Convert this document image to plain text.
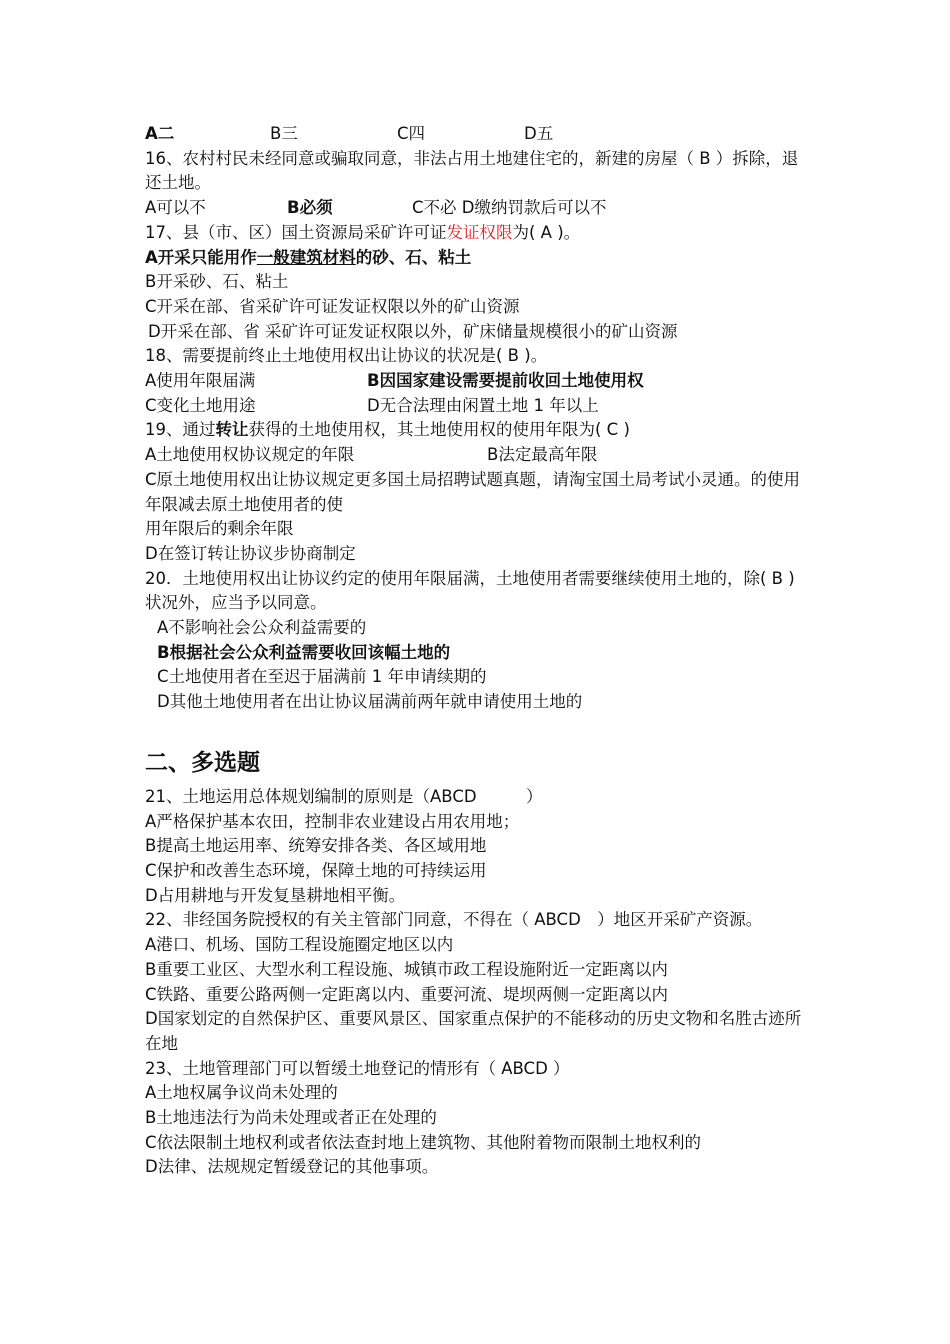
A二	B三	C四	D五
16、农村村民未经同意或骗取同意，非法占用土地建住宅的，新建的房屋（ B ）拆除，退还土地。
A可以不	B必须	C不必 D缴纳罚款后可以不
17、县（市、区）国土资源局采矿许可证发证权限为( A )。
A开采只能用作一般建筑材料的砂、石、粘土
B开采砂、石、粘土
C开采在部、省采矿许可证发证权限以外的矿山资源
D开采在部、省 采矿许可证发证权限以外，矿床储量规模很小的矿山资源
18、需要提前终止土地使用权出让协议的状况是( B )。
A使用年限届满	B因国家建设需要提前收回土地使用权
C变化土地用途	D无合法理由闲置土地 1 年以上
19、通过转让获得的土地使用权，其土地使用权的使用年限为( C )
A土地使用权协议规定的年限	B法定最高年限
C原土地使用权出让协议规定更多国土局招聘试题真题，请淘宝国土局考试小灵通。的使用年限减去原土地使用者的使
用年限后的剩余年限
D在签订转让协议步协商制定
20．土地使用权出让协议约定的使用年限届满，土地使用者需要继续使用土地的，除( B )状况外，应当予以同意。
A不影响社会公众利益需要的
B根据社会公众利益需要收回该幅土地的
C土地使用者在至迟于届满前 1 年申请续期的
D其他土地使用者在出让协议届满前两年就申请使用土地的
二、多选题
21、土地运用总体规划编制的原则是（ABCD　　　）
A严格保护基本农田，控制非农业建设占用农用地；
B提高土地运用率、统筹安排各类、各区域用地
C保护和改善生态环境，保障土地的可持续运用
D占用耕地与开发复垦耕地相平衡。
22、非经国务院授权的有关主管部门同意，不得在（ ABCD　）地区开采矿产资源。
A港口、机场、国防工程设施圈定地区以内
B重要工业区、大型水利工程设施、城镇市政工程设施附近一定距离以内
C铁路、重要公路两侧一定距离以内、重要河流、堤坝两侧一定距离以内
D国家划定的自然保护区、重要风景区、国家重点保护的不能移动的历史文物和名胜古迹所在地
23、土地管理部门可以暂缓土地登记的情形有（ ABCD ）
A土地权属争议尚未处理的
B土地违法行为尚未处理或者正在处理的
C依法限制土地权利或者依法查封地上建筑物、其他附着物而限制土地权利的
D法律、法规规定暂缓登记的其他事项。
